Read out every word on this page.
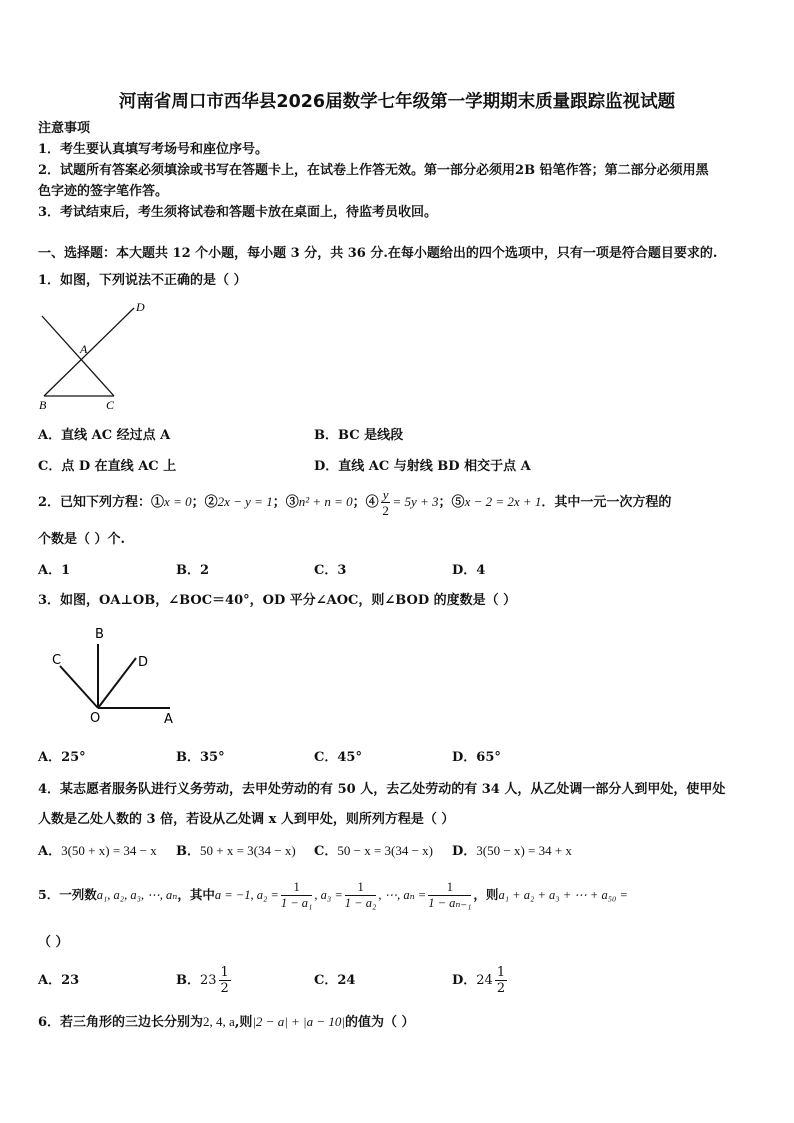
河南省周口市西华县2026届数学七年级第一学期期末质量跟踪监视试题
注意事项
1．考生要认真填写考场号和座位序号。
2．试题所有答案必须填涂或书写在答题卡上，在试卷上作答无效。第一部分必须用2B 铅笔作答；第二部分必须用黑
色字迹的签字笔作答。
3．考试结束后，考生须将试卷和答题卡放在桌面上，待监考员收回。
一、选择题：本大题共 12 个小题，每小题 3 分，共 36 分.在每小题给出的四个选项中，只有一项是符合题目要求的.
1．如图，下列说法不正确的是（ ）
D
A
B	C
A．直线 AC 经过点 A	B．BC 是线段
C．点 D 在直线 AC 上	D．直线 AC 与射线 BD 相交于点 A
2．已知下列方程：①x = 0；②2x − y = 1；③n² + n = 0；④ $\frac{y}{2} = 5y + 3$；⑤x − 2 = 2x + 1．其中一元一次方程的
个数是（ ）个.
A．1	B．2	C．3	D．4
3．如图，OA⊥OB，∠BOC＝40°，OD 平分∠AOC，则∠BOD 的度数是（ ）
B
C	D
O	A
A．25°	B．35°	C．45°	D．65°
4．某志愿者服务队进行义务劳动，去甲处劳动的有 50 人，去乙处劳动的有 34 人，从乙处调一部分人到甲处，使甲处
人数是乙处人数的 3 倍，若设从乙处调 x 人到甲处，则所列方程是（ ）
A．3(50 + x) = 34 − x B．50 + x = 3(34 − x) C．50 − x = 3(34 − x) D．3(50 − x) = 34 + x
5．一列数a₁, a₂, a₃, ⋯, aₙ，其中a = −1, $a_2 = \frac{1}{\text{1 − a₁}}$ , $a_3 = \frac{1}{\text{1 − a₂}}$ , ⋯, $a_n = \frac{1}{\text{1 − aₙ₋₁}}$ ，则a₁ + a₂ + a₃ + ⋯ + a₅₀ =
（ ）
A．23	B．$23 \frac{1}{2}$	C．24	D．$24 \frac{1}{2}$
6．若三角形的三边长分别为2, 4, a,则|2 − a| + |a − 10|的值为（ ）
